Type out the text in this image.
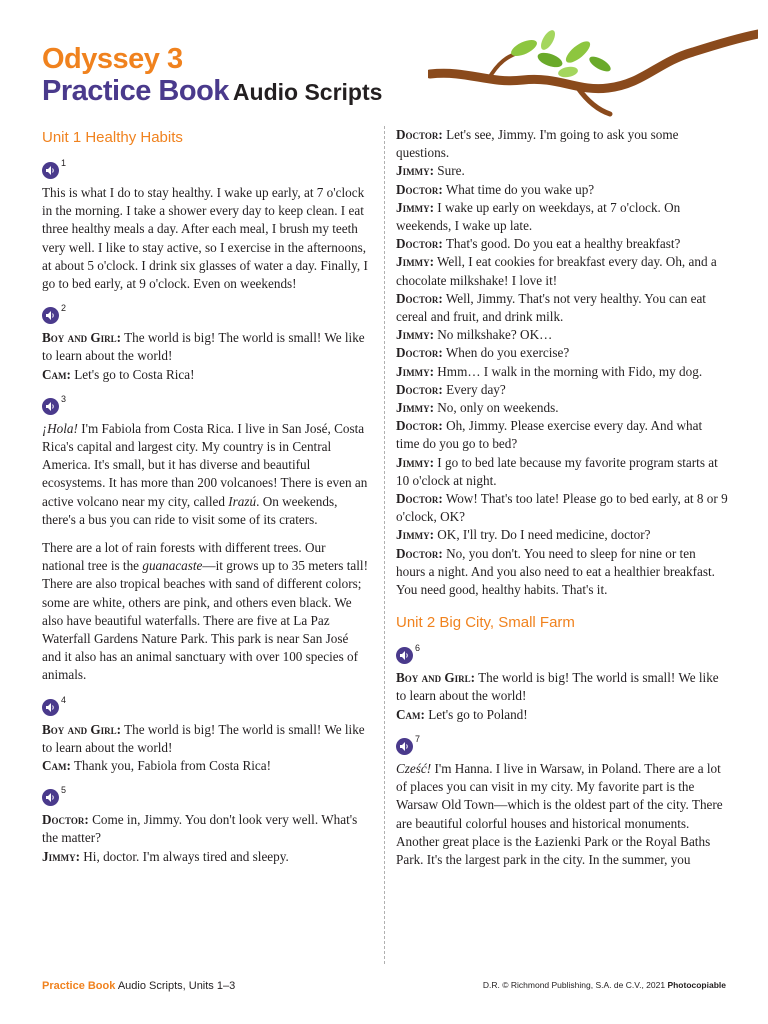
Odyssey 3
Practice Book Audio Scripts
Unit 1 Healthy Habits
1

This is what I do to stay healthy. I wake up early, at 7 o'clock in the morning. I take a shower every day to keep clean. I eat three healthy meals a day. After each meal, I brush my teeth very well. I like to stay active, so I exercise in the afternoons, at about 5 o'clock. I drink six glasses of water a day. Finally, I go to bed early, at 9 o'clock. Even on weekends!

2

Boy and Girl: The world is big! The world is small! We like to learn about the world!
Cam: Let's go to Costa Rica!

3

¡Hola! I'm Fabiola from Costa Rica. I live in San José, Costa Rica's capital and largest city. My country is in Central America. It's small, but it has diverse and beautiful ecosystems. It has more than 200 volcanoes! There is even an active volcano near my city, called Irazú. On weekends, there's a bus you can ride to visit some of its craters.

There are a lot of rain forests with different trees. Our national tree is the guanacaste—it grows up to 35 meters tall! There are also tropical beaches with sand of different colors; some are white, others are pink, and others even black. We also have beautiful waterfalls. There are five at La Paz Waterfall Gardens Nature Park. This park is near San José and it also has an animal sanctuary with over 100 species of animals.

4

Boy and Girl: The world is big! The world is small! We like to learn about the world!
Cam: Thank you, Fabiola from Costa Rica!

5

Doctor: Come in, Jimmy. You don't look very well. What's the matter?
Jimmy: Hi, doctor. I'm always tired and sleepy.

Doctor: Let's see, Jimmy. I'm going to ask you some questions.
Jimmy: Sure.
Doctor: What time do you wake up?
Jimmy: I wake up early on weekdays, at 7 o'clock. On weekends, I wake up late.
Doctor: That's good. Do you eat a healthy breakfast?
Jimmy: Well, I eat cookies for breakfast every day. Oh, and a chocolate milkshake! I love it!
Doctor: Well, Jimmy. That's not very healthy. You can eat cereal and fruit, and drink milk.
Jimmy: No milkshake? OK…
Doctor: When do you exercise?
Jimmy: Hmm… I walk in the morning with Fido, my dog.
Doctor: Every day?
Jimmy: No, only on weekends.
Doctor: Oh, Jimmy. Please exercise every day. And what time do you go to bed?
Jimmy: I go to bed late because my favorite program starts at 10 o'clock at night.
Doctor: Wow! That's too late! Please go to bed early, at 8 or 9 o'clock, OK?
Jimmy: OK, I'll try. Do I need medicine, doctor?
Doctor: No, you don't. You need to sleep for nine or ten hours a night. And you also need to eat a healthier breakfast. You need good, healthy habits. That's it.

Unit 2 Big City, Small Farm
6

Boy and Girl: The world is big! The world is small! We like to learn about the world!
Cam: Let's go to Poland!

7

Cześć! I'm Hanna. I live in Warsaw, in Poland. There are a lot of places you can visit in my city. My favorite part is the Warsaw Old Town—which is the oldest part of the city. There are beautiful colorful houses and historical monuments. Another great place is the Łazienki Park or the Royal Baths Park. It's the largest park in the city. In the summer, you

Practice Book Audio Scripts, Units 1–3	D.R. © Richmond Publishing, S.A. de C.V., 2021 Photocopiable
